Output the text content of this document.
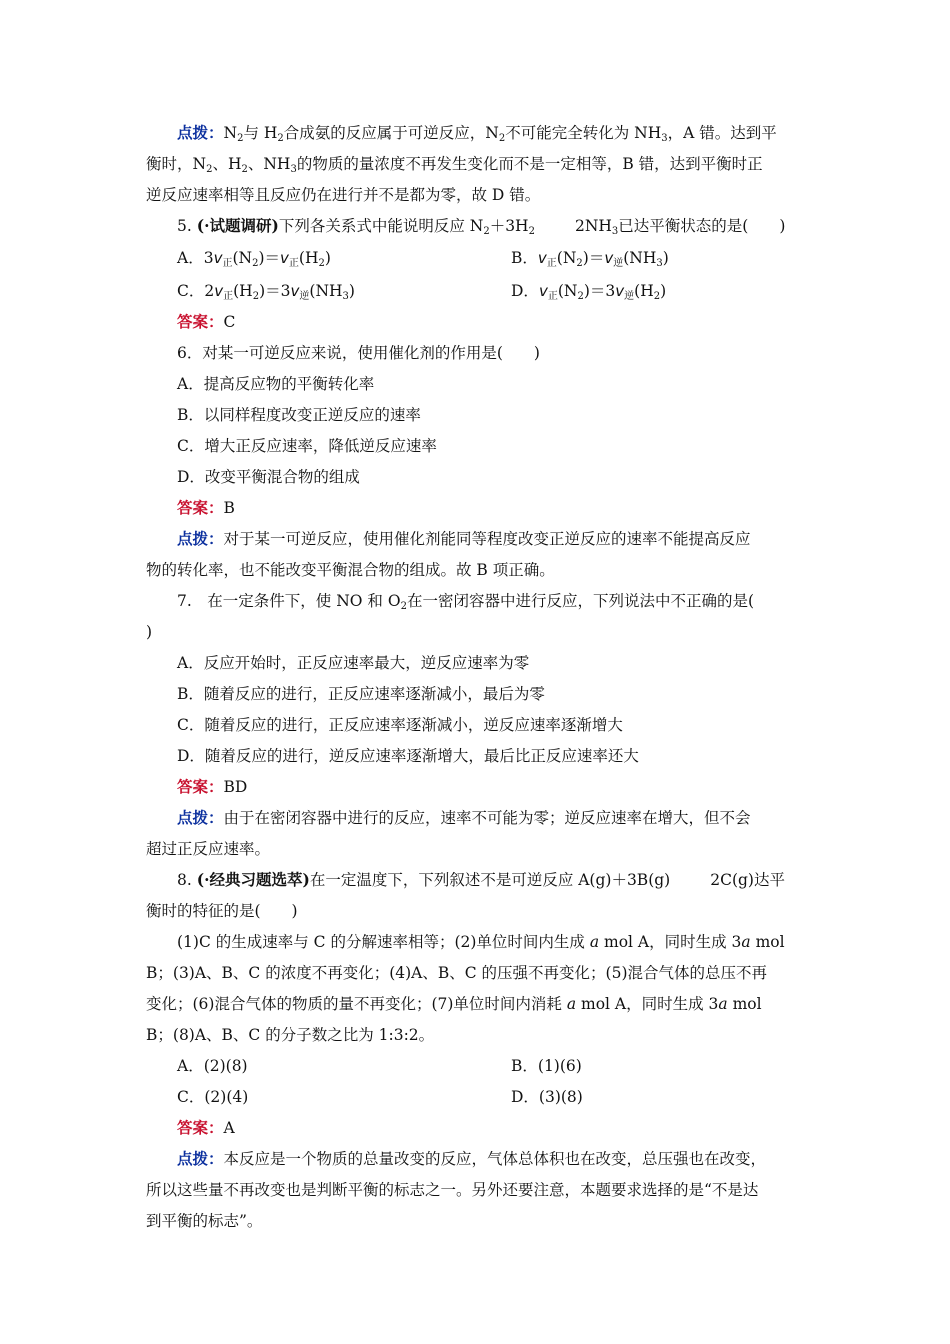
点拨：$N_2$与 $H_2$合成氨的反应属于可逆反应，$N_2$不可能完全转化为 $NH_3$，A 错。达到平
衡时，$N_2$、$H_2$、$NH_3$的物质的量浓度不再发生变化而不是一定相等，B 错，达到平衡时正
逆反应速率相等且反应仍在进行并不是都为零，故 D 错。
5. (·试题调研)下列各关系式中能说明反应 $N_2+3H_2$	$2NH_3$已达平衡状态的是(　　)
A．$3v_正(N_2)=v_正(H_2)$	B．$v_正(N_2)=v_逆(NH_3)$
C．$2v_正(H_2)=3v_逆(NH_3)$	D．$v_正(N_2)=3v_逆(H_2)$
答案：C
6．对某一可逆反应来说，使用催化剂的作用是(　　)
A．提高反应物的平衡转化率
B．以同样程度改变正逆反应的速率
C．增大正反应速率，降低逆反应速率
D．改变平衡混合物的组成
答案：B
点拨：对于某一可逆反应，使用催化剂能同等程度改变正逆反应的速率不能提高反应
物的转化率，也不能改变平衡混合物的组成。故 B 项正确。
7.　在一定条件下，使 NO 和 $O_2$在一密闭容器中进行反应，下列说法中不正确的是(
)
A．反应开始时，正反应速率最大，逆反应速率为零
B．随着反应的进行，正反应速率逐渐减小，最后为零
C．随着反应的进行，正反应速率逐渐减小，逆反应速率逐渐增大
D．随着反应的进行，逆反应速率逐渐增大，最后比正反应速率还大
答案：BD
点拨：由于在密闭容器中进行的反应，速率不可能为零；逆反应速率在增大，但不会
超过正反应速率。
8. (·经典习题选萃)在一定温度下，下列叙述不是可逆反应 A(g)＋3B(g)	2C(g)达平
衡时的特征的是(　　)
(1)C 的生成速率与 C 的分解速率相等；(2)单位时间内生成 a mol A，同时生成 3a mol
B；(3)A、B、C 的浓度不再变化；(4)A、B、C 的压强不再变化；(5)混合气体的总压不再
变化；(6)混合气体的物质的量不再变化；(7)单位时间内消耗 a mol A，同时生成 3a mol
B；(8)A、B、C 的分子数之比为 1:3:2。
A．(2)(8)	B．(1)(6)
C．(2)(4)	D．(3)(8)
答案：A
点拨：本反应是一个物质的总量改变的反应，气体总体积也在改变，总压强也在改变，
所以这些量不再改变也是判断平衡的标志之一。另外还要注意，本题要求选择的是“不是达
到平衡的标志”。
